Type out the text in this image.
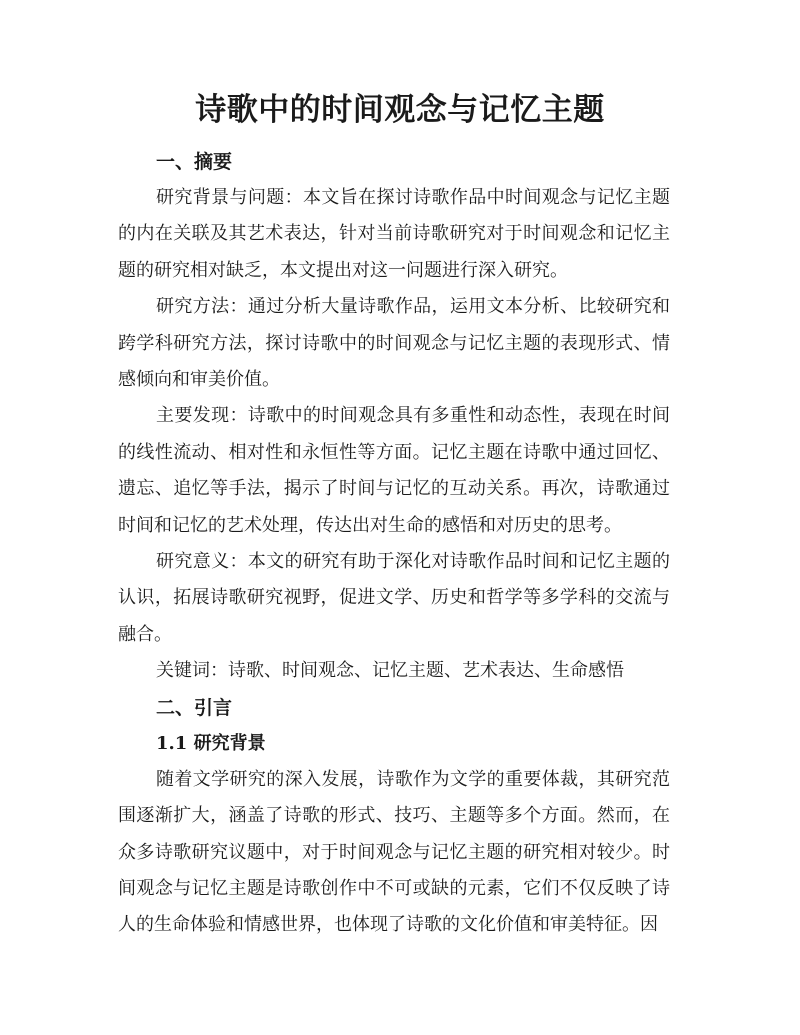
诗歌中的时间观念与记忆主题
一、摘要

研究背景与问题：本文旨在探讨诗歌作品中时间观念与记忆主题的内在关联及其艺术表达，针对当前诗歌研究对于时间观念和记忆主题的研究相对缺乏，本文提出对这一问题进行深入研究。

研究方法：通过分析大量诗歌作品，运用文本分析、比较研究和跨学科研究方法，探讨诗歌中的时间观念与记忆主题的表现形式、情感倾向和审美价值。

主要发现：诗歌中的时间观念具有多重性和动态性，表现在时间的线性流动、相对性和永恒性等方面。记忆主题在诗歌中通过回忆、遗忘、追忆等手法，揭示了时间与记忆的互动关系。再次，诗歌通过时间和记忆的艺术处理，传达出对生命的感悟和对历史的思考。

研究意义：本文的研究有助于深化对诗歌作品时间和记忆主题的认识，拓展诗歌研究视野，促进文学、历史和哲学等多学科的交流与融合。

关键词：诗歌、时间观念、记忆主题、艺术表达、生命感悟

二、引言
1.1 研究背景

随着文学研究的深入发展，诗歌作为文学的重要体裁，其研究范围逐渐扩大，涵盖了诗歌的形式、技巧、主题等多个方面。然而，在众多诗歌研究议题中，对于时间观念与记忆主题的研究相对较少。时间观念与记忆主题是诗歌创作中不可或缺的元素，它们不仅反映了诗人的生命体验和情感世界，也体现了诗歌的文化价值和审美特征。因
